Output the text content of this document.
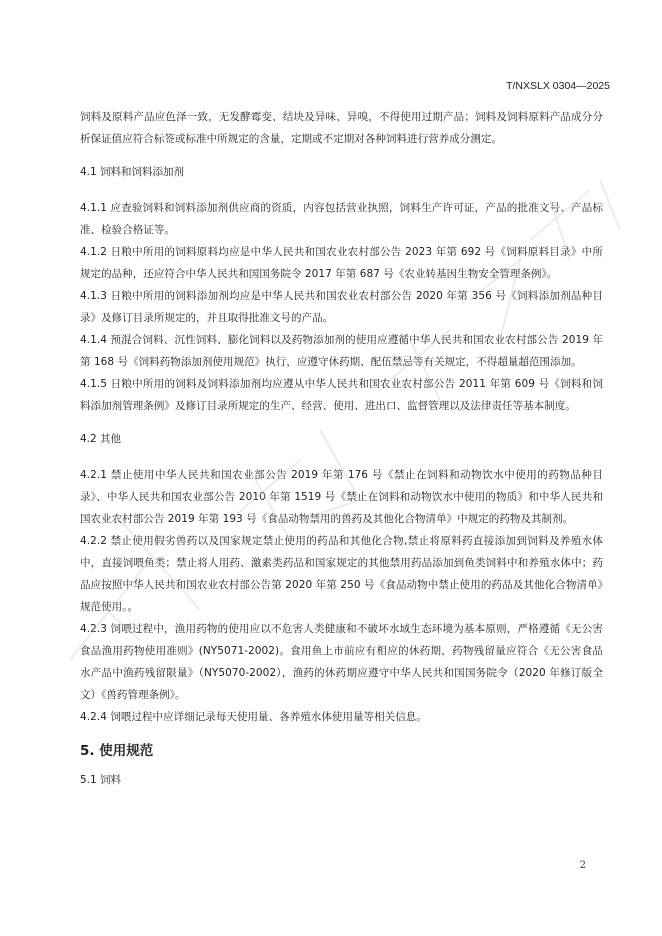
T/NXSLX 0304—2025

饲料及原料产品应色泽一致，无发酵霉变、结块及异味、异嗅，不得使用过期产品；饲料及饲料原料产品成分分析保证值应符合标签或标准中所规定的含量，定期或不定期对各种饲料进行营养成分测定。

4.1 饲料和饲料添加剂

4.1.1 应查验饲料和饲料添加剂供应商的资质，内容包括营业执照，饲料生产许可证，产品的批准文号、产品标准、检验合格证等。

4.1.2 日粮中所用的饲料原料均应是中华人民共和国农业农村部公告 2023 年第 692 号《饲料原料目录》中所规定的品种，还应符合中华人民共和国国务院令 2017 年第 687 号《农业转基因生物安全管理条例》。

4.1.3 日粮中所用的饲料添加剂均应是中华人民共和国农业农村部公告 2020 年第 356 号《饲料添加剂品种目录》及修订目录所规定的，并且取得批准文号的产品。

4.1.4 预混合饲料、沉性饲料、膨化饲料以及药物添加剂的使用应遵循中华人民共和国农业农村部公告 2019 年第 168 号《饲料药物添加剂使用规范》执行，应遵守休药期、配伍禁忌等有关规定，不得超量超范围添加。

4.1.5 日粮中所用的饲料及饲料添加剂均应遵从中华人民共和国农业农村部公告 2011 年第 609 号《饲料和饲料添加剂管理条例》及修订目录所规定的生产、经营、使用、进出口、监督管理以及法律责任等基本制度。

4.2 其他

4.2.1 禁止使用中华人民共和国农业部公告 2019 年第 176 号《禁止在饲料和动物饮水中使用的药物品种目录》、中华人民共和国农业部公告 2010 年第 1519 号《禁止在饲料和动物饮水中使用的物质》和中华人民共和国农业农村部公告 2019 年第 193 号《食品动物禁用的兽药及其他化合物清单》中规定的药物及其制剂。

4.2.2 禁止使用假劣兽药以及国家规定禁止使用的药品和其他化合物,禁止将原料药直接添加到饲料及养殖水体中，直接饲喂鱼类；禁止将人用药、激素类药品和国家规定的其他禁用药品添加到鱼类饲料中和养殖水体中；药品应按照中华人民共和国农业农村部公告第 2020 年第 250 号《食品动物中禁止使用的药品及其他化合物清单》规范使用。。

4.2.3 饲喂过程中，渔用药物的使用应以不危害人类健康和不破坏水域生态环境为基本原则，严格遵循《无公害食品渔用药物使用准则》(NY5071-2002)。食用鱼上市前应有相应的休药期，药物残留量应符合《无公害食品水产品中渔药残留限量》（NY5070-2002），渔药的休药期应遵守中华人民共和国国务院令（2020 年修订版全文）《兽药管理条例》。

4.2.4 饲喂过程中应详细记录每天使用量、各养殖水体使用量等相关信息。

5. 使用规范

5.1 饲料

2
